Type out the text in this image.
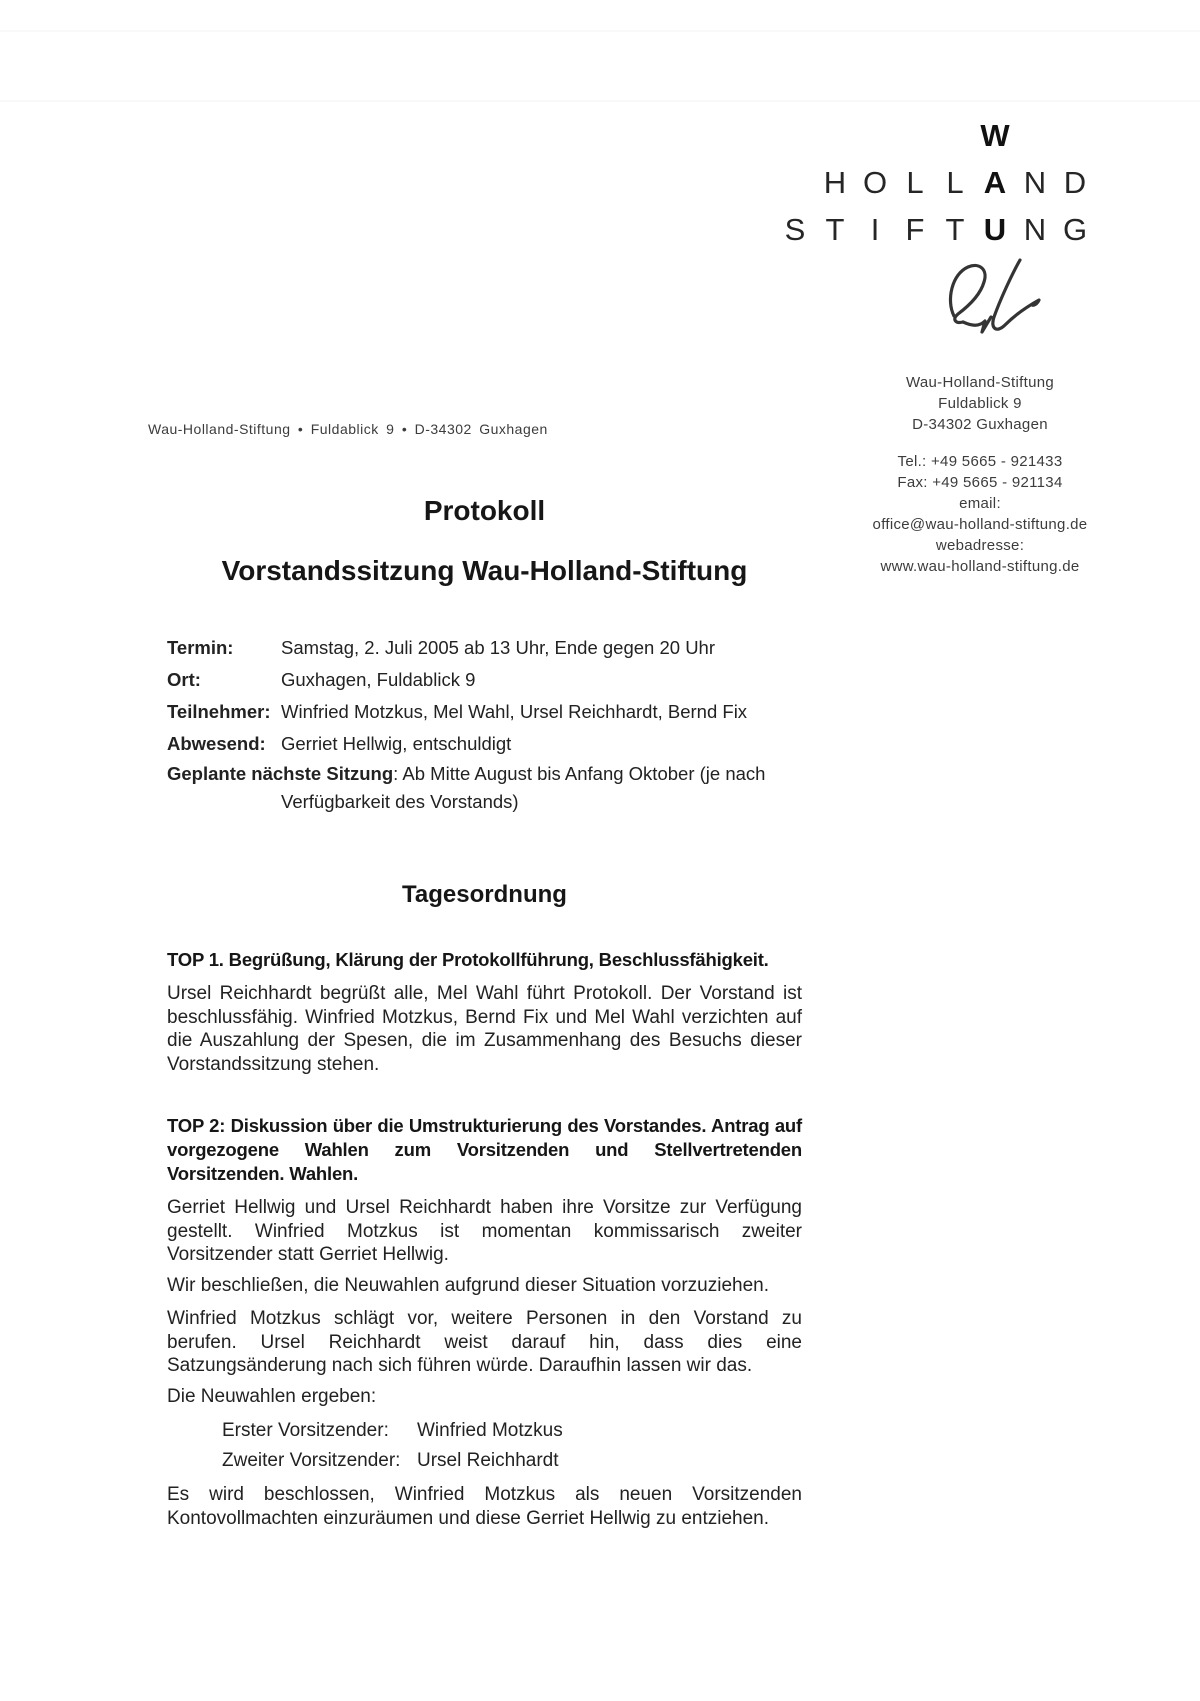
W
H O L L A N D
S T I F T U N G
Wau-Holland-Stiftung
Fuldablick 9
D-34302 Guxhagen
Tel.: +49 5665 - 921433
Fax: +49 5665 - 921134
email:
office@wau-holland-stiftung.de
webadresse:
www.wau-holland-stiftung.de
Wau-Holland-Stiftung • Fuldablick 9 • D-34302 Guxhagen
Protokoll
Vorstandssitzung Wau-Holland-Stiftung
Termin:	Samstag, 2. Juli 2005 ab 13 Uhr, Ende gegen 20 Uhr
Ort:	Guxhagen, Fuldablick 9
Teilnehmer: Winfried Motzkus, Mel Wahl, Ursel Reichhardt, Bernd Fix
Abwesend: Gerriet Hellwig, entschuldigt
Geplante nächste Sitzung: Ab Mitte August bis Anfang Oktober (je nach Verfügbarkeit des Vorstands)
Tagesordnung
TOP 1. Begrüßung, Klärung der Protokollführung, Beschlussfähigkeit.

Ursel Reichhardt begrüßt alle, Mel Wahl führt Protokoll. Der Vorstand ist beschlussfähig. Winfried Motzkus, Bernd Fix und Mel Wahl verzichten auf die Auszahlung der Spesen, die im Zusammenhang des Besuchs dieser Vorstandssitzung stehen.

TOP 2: Diskussion über die Umstrukturierung des Vorstandes. Antrag auf vorgezogene Wahlen zum Vorsitzenden und Stellvertretenden Vorsitzenden. Wahlen.

Gerriet Hellwig und Ursel Reichhardt haben ihre Vorsitze zur Verfügung gestellt. Winfried Motzkus ist momentan kommissarisch zweiter Vorsitzender statt Gerriet Hellwig.

Wir beschließen, die Neuwahlen aufgrund dieser Situation vorzuziehen.

Winfried Motzkus schlägt vor, weitere Personen in den Vorstand zu berufen. Ursel Reichhardt weist darauf hin, dass dies eine Satzungsänderung nach sich führen würde. Daraufhin lassen wir das.

Die Neuwahlen ergeben:

Erster Vorsitzender:	Winfried Motzkus
Zweiter Vorsitzender: Ursel Reichhardt

Es wird beschlossen, Winfried Motzkus als neuen Vorsitzenden Kontovollmachten einzuräumen und diese Gerriet Hellwig zu entziehen.
